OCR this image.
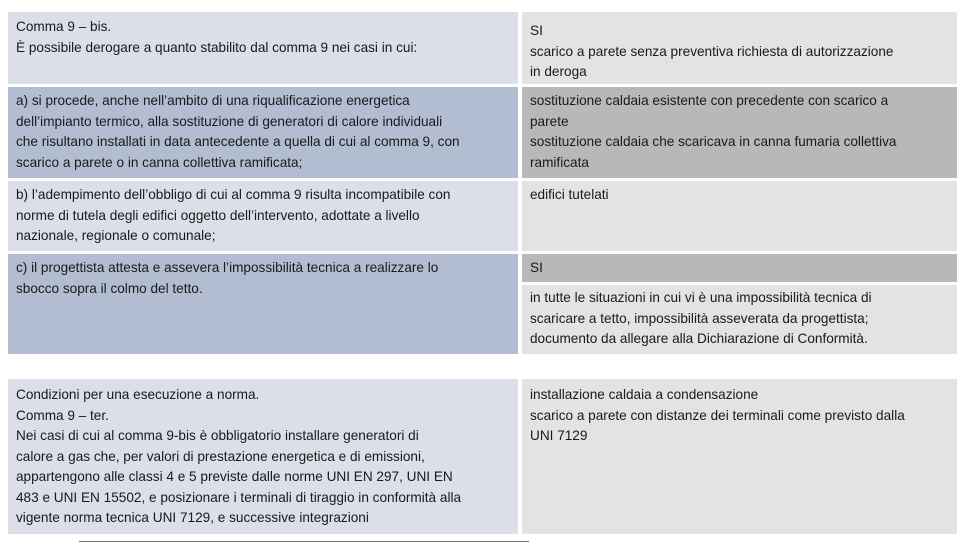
Comma 9 – bis.
È possibile derogare a quanto stabilito dal comma 9 nei casi in cui:
SI
scarico a parete senza preventiva richiesta di autorizzazione
in deroga
a) si procede, anche nell’ambito di una riqualificazione energetica
dell’impianto termico, alla sostituzione di generatori di calore individuali
che risultano installati in data antecedente a quella di cui al comma 9, con
scarico a parete o in canna collettiva ramificata;
sostituzione caldaia esistente con precedente con scarico a
parete
sostituzione caldaia che scaricava in canna fumaria collettiva
ramificata
b) l’adempimento dell’obbligo di cui al comma 9 risulta incompatibile con
norme di tutela degli edifici oggetto dell’intervento, adottate a livello
nazionale, regionale o comunale;
edifici tutelati
c) il progettista attesta e assevera l’impossibilità tecnica a realizzare lo
sbocco sopra il colmo del tetto.
SI
in tutte le situazioni in cui vi è una impossibilità tecnica di
scaricare a tetto, impossibilità asseverata da progettista;
documento da allegare alla Dichiarazione di Conformità.
Condizioni per una esecuzione a norma.
Comma 9 – ter.
Nei casi di cui al comma 9-bis è obbligatorio installare generatori di
calore a gas che, per valori di prestazione energetica e di emissioni,
appartengono alle classi 4 e 5 previste dalle norme UNI EN 297, UNI EN
483 e UNI EN 15502, e posizionare i terminali di tiraggio in conformità alla
vigente norma tecnica UNI 7129, e successive integrazioni
installazione caldaia a condensazione
scarico a parete con distanze dei terminali come previsto dalla
UNI 7129
